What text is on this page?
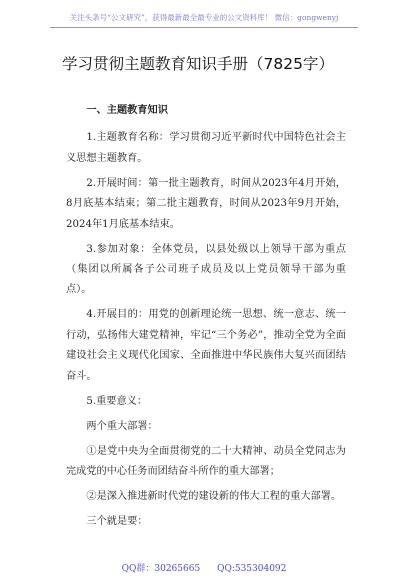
关注头条号“公文研究”，获得最新最全最专业的公文资料库！ 微信：gongwenyj
学习贯彻主题教育知识手册（7825字）

一、主题教育知识

1.主题教育名称：学习贯彻习近平新时代中国特色社会主义思想主题教育。

2.开展时间：第一批主题教育，时间从2023年4月开始，8月底基本结束；第二批主题教育，时间从2023年9月开始，2024年1月底基本结束。

3.参加对象：全体党员，以县处级以上领导干部为重点（集团以所属各子公司班子成员及以上党员领导干部为重点）。

4.开展目的：用党的创新理论统一思想、统一意志、统一行动，弘扬伟大建党精神，牢记“三个务必”，推动全党为全面建设社会主义现代化国家、全面推进中华民族伟大复兴而团结奋斗。

5.重要意义：

两个重大部署：

①是党中央为全面贯彻党的二十大精神、动员全党同志为完成党的中心任务而团结奋斗所作的重大部署；

②是深入推进新时代党的建设新的伟大工程的重大部署。

三个就是要：

QQ群：30265665 QQ:535304092
